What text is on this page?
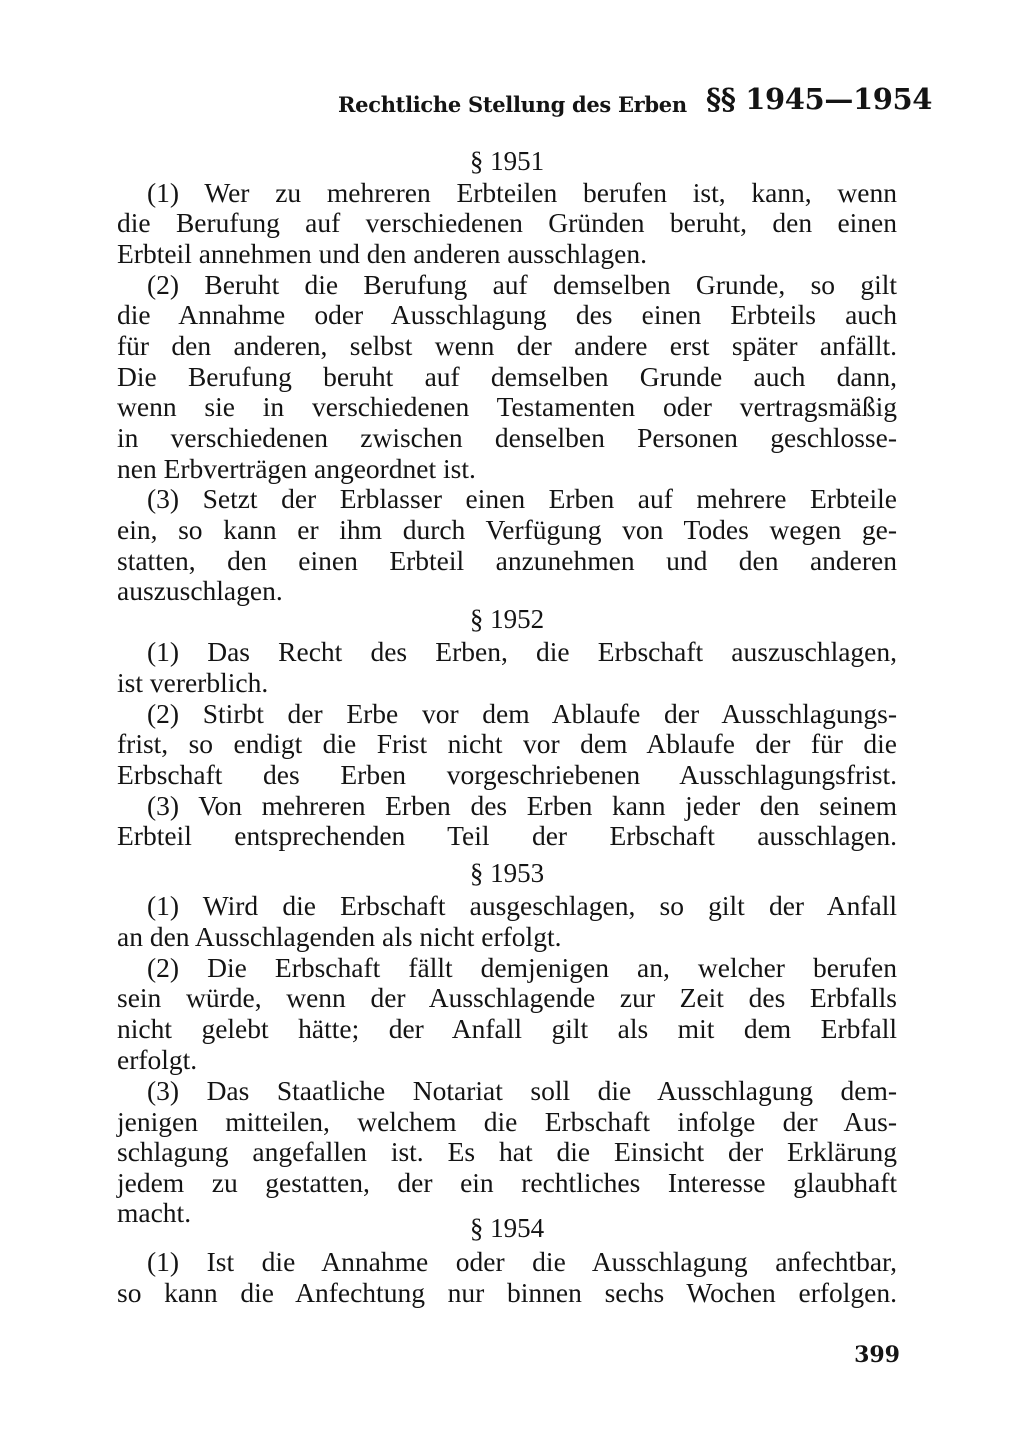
Rechtliche Stellung des Erben §§ 1945—1954
§ 1951
(1) Wer zu mehreren Erbteilen berufen ist, kann, wenn
die Berufung auf verschiedenen Gründen beruht, den einen
Erbteil annehmen und den anderen ausschlagen.
(2) Beruht die Berufung auf demselben Grunde, so gilt
die Annahme oder Ausschlagung des einen Erbteils auch
für den anderen, selbst wenn der andere erst später anfällt.
Die Berufung beruht auf demselben Grunde auch dann,
wenn sie in verschiedenen Testamenten oder vertragsmäßig
in verschiedenen zwischen denselben Personen geschlosse-
nen Erbverträgen angeordnet ist.
(3) Setzt der Erblasser einen Erben auf mehrere Erbteile
ein, so kann er ihm durch Verfügung von Todes wegen ge-
statten, den einen Erbteil anzunehmen und den anderen
auszuschlagen.
§ 1952
(1) Das Recht des Erben, die Erbschaft auszuschlagen,
ist vererblich.
(2) Stirbt der Erbe vor dem Ablaufe der Ausschlagungs-
frist, so endigt die Frist nicht vor dem Ablaufe der für die
Erbschaft des Erben vorgeschriebenen Ausschlagungsfrist.
(3) Von mehreren Erben des Erben kann jeder den seinem
Erbteil entsprechenden Teil der Erbschaft ausschlagen.
§ 1953
(1) Wird die Erbschaft ausgeschlagen, so gilt der Anfall
an den Ausschlagenden als nicht erfolgt.
(2) Die Erbschaft fällt demjenigen an, welcher berufen
sein würde, wenn der Ausschlagende zur Zeit des Erbfalls
nicht gelebt hätte; der Anfall gilt als mit dem Erbfall
erfolgt.
(3) Das Staatliche Notariat soll die Ausschlagung dem-
jenigen mitteilen, welchem die Erbschaft infolge der Aus-
schlagung angefallen ist. Es hat die Einsicht der Erklärung
jedem zu gestatten, der ein rechtliches Interesse glaubhaft
macht.	§ 1954
(1) Ist die Annahme oder die Ausschlagung anfechtbar,
so kann die Anfechtung nur binnen sechs Wochen erfolgen.
399
